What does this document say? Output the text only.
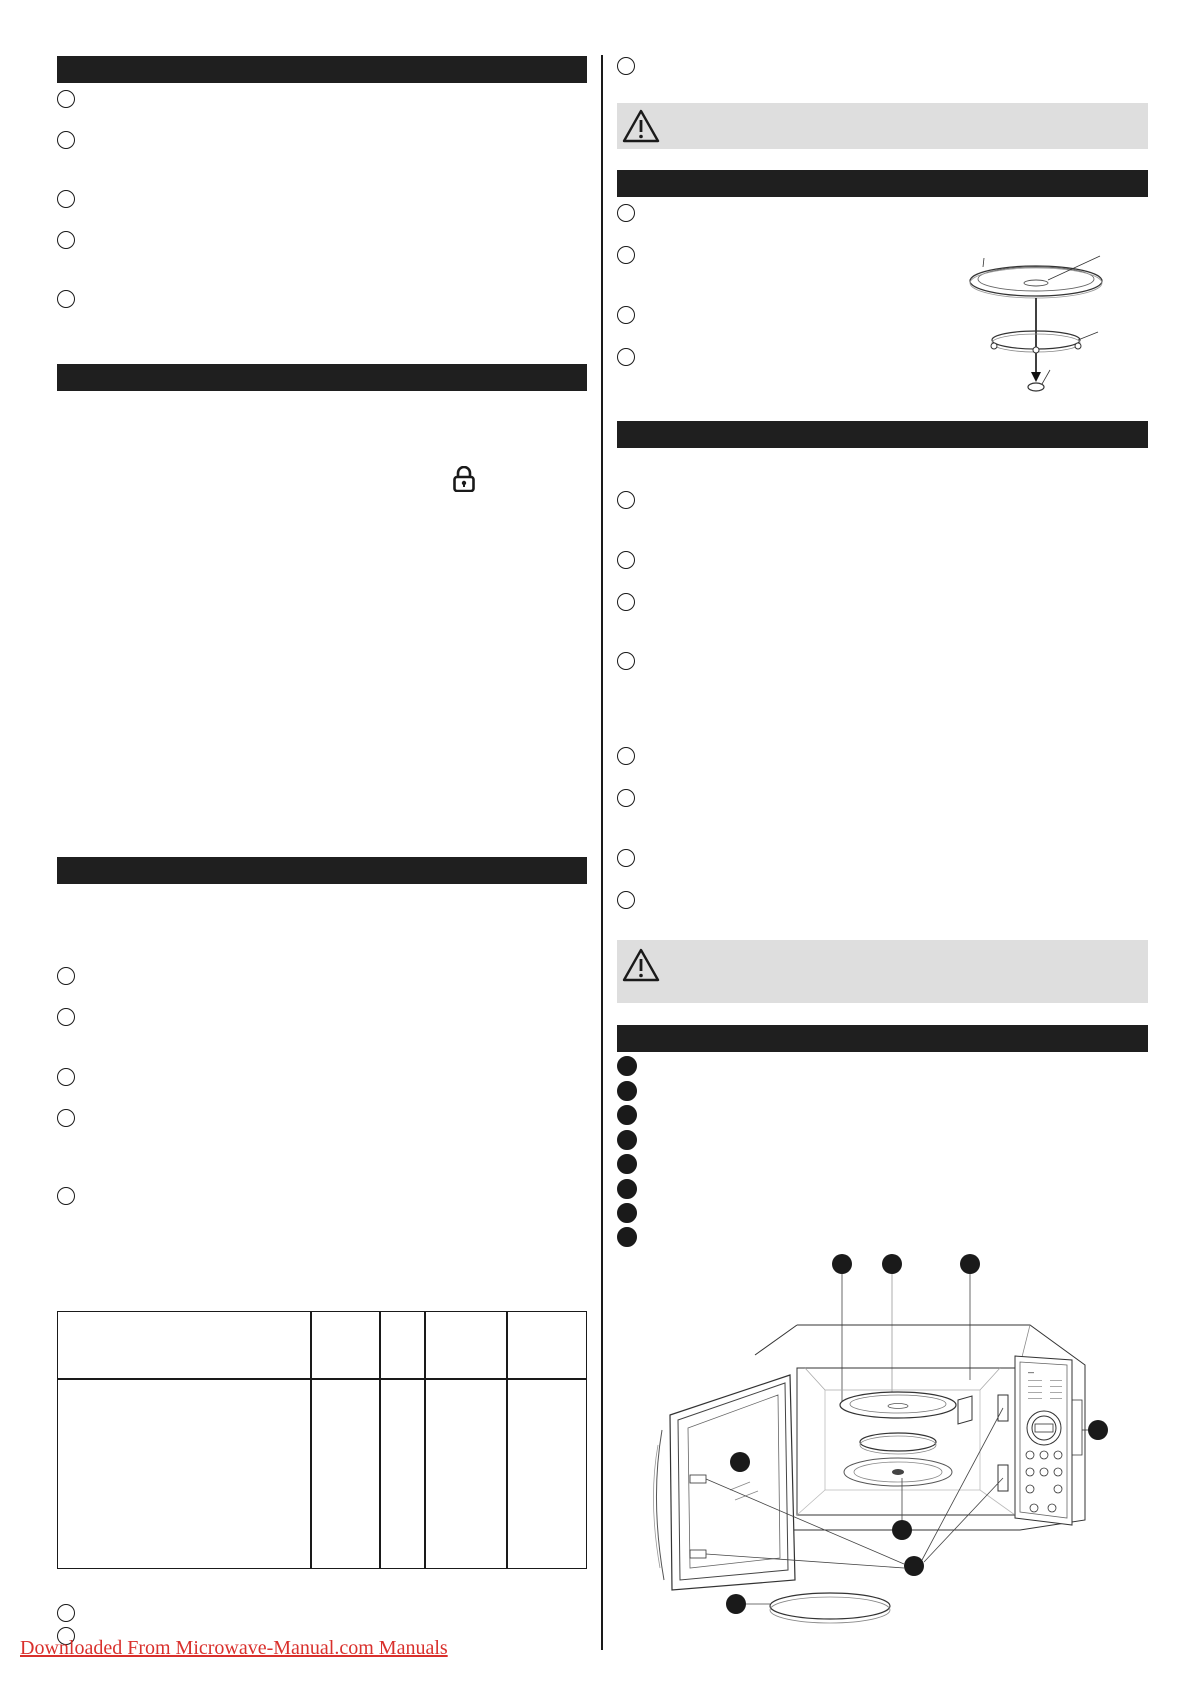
Downloaded From Microwave-Manual.com Manuals
